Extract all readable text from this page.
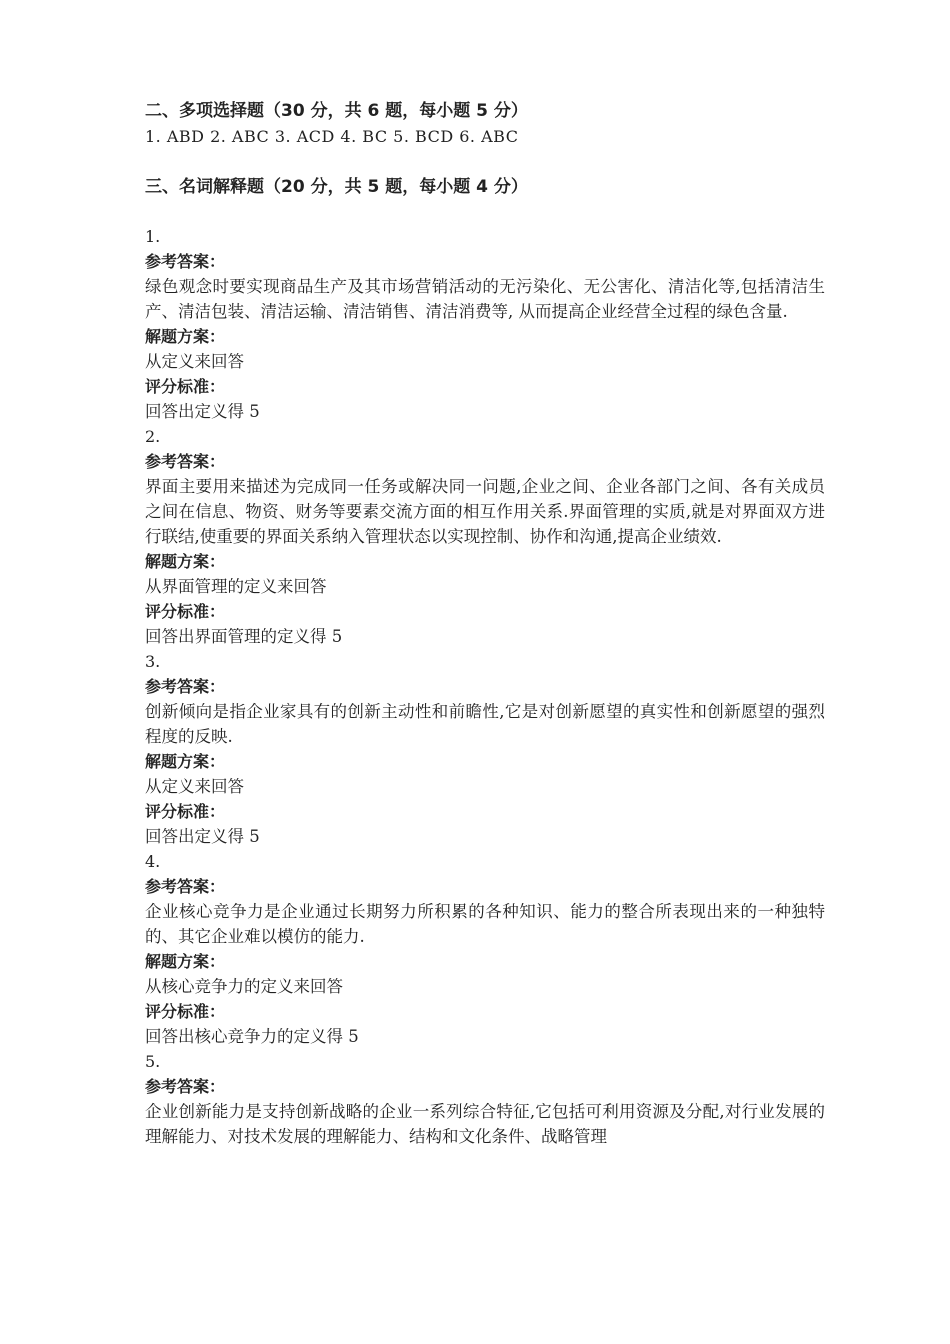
二、多项选择题（30 分，共 6 题，每小题 5 分）

1. ABD 2. ABC 3. ACD 4. BC 5. BCD 6. ABC

三、名词解释题（20 分，共 5 题，每小题 4 分）

1.

参考答案：

绿色观念时要实现商品生产及其市场营销活动的无污染化、无公害化、清洁化等,包括清洁生产、清洁包装、清洁运输、清洁销售、清洁消费等, 从而提高企业经营全过程的绿色含量.

解题方案：

从定义来回答

评分标准：

回答出定义得 5

2.

参考答案：

界面主要用来描述为完成同一任务或解决同一问题,企业之间、企业各部门之间、各有关成员之间在信息、物资、财务等要素交流方面的相互作用关系.界面管理的实质,就是对界面双方进行联结,使重要的界面关系纳入管理状态以实现控制、协作和沟通,提高企业绩效.

解题方案：

从界面管理的定义来回答

评分标准：

回答出界面管理的定义得 5

3.

参考答案：

创新倾向是指企业家具有的创新主动性和前瞻性,它是对创新愿望的真实性和创新愿望的强烈程度的反映.

解题方案：

从定义来回答

评分标准：

回答出定义得 5

4.

参考答案：

企业核心竞争力是企业通过长期努力所积累的各种知识、能力的整合所表现出来的一种独特的、其它企业难以模仿的能力.

解题方案：

从核心竞争力的定义来回答

评分标准：

回答出核心竞争力的定义得 5

5.

参考答案：

企业创新能力是支持创新战略的企业一系列综合特征,它包括可利用资源及分配,对行业发展的理解能力、对技术发展的理解能力、结构和文化条件、战略管理
